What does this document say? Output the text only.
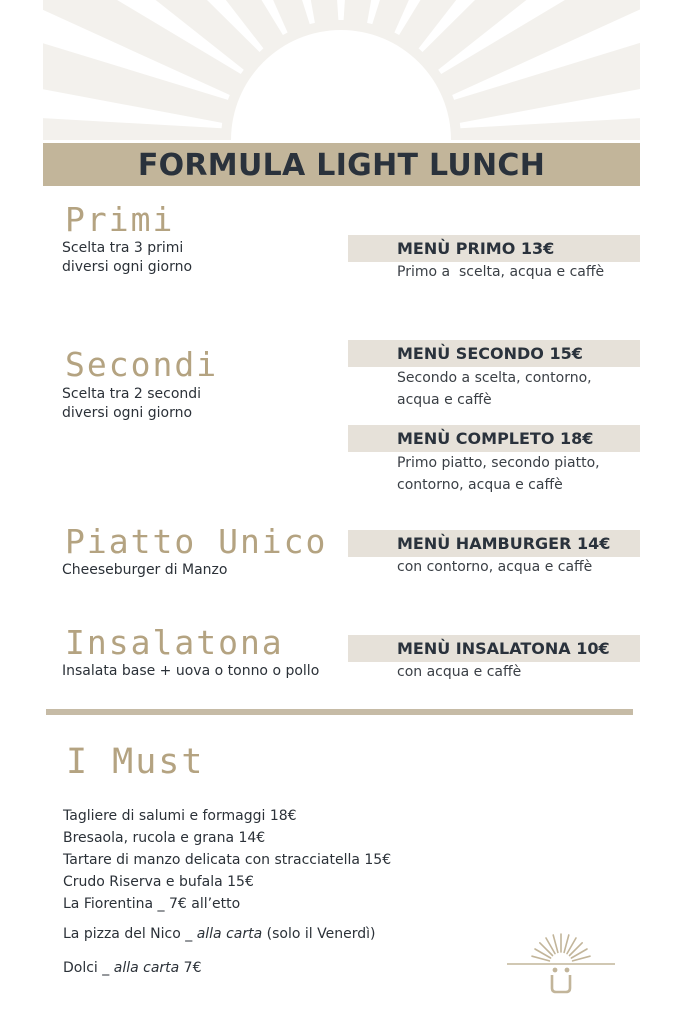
FORMULA LIGHT LUNCH
Primi
Scelta tra 3 primi
diversi ogni giorno
Secondi
Scelta tra 2 secondi
diversi ogni giorno
Piatto Unico
Cheeseburger di Manzo
Insalatona
Insalata base + uova o tonno o pollo
MENÙ PRIMO 13€
Primo a  scelta, acqua e caffè
MENÙ SECONDO 15€
Secondo a scelta, contorno,
acqua e caffè
MENÙ COMPLETO 18€
Primo piatto, secondo piatto,
contorno, acqua e caffè
MENÙ HAMBURGER 14€
con contorno, acqua e caffè
MENÙ INSALATONA 10€
con acqua e caffè
I Must
Tagliere di salumi e formaggi 18€
Bresaola, rucola e grana 14€
Tartare di manzo delicata con stracciatella 15€
Crudo Riserva e bufala 15€
La Fiorentina _ 7€ all’etto
La pizza del Nico _ alla carta (solo il Venerdì)
Dolci _ alla carta 7€
